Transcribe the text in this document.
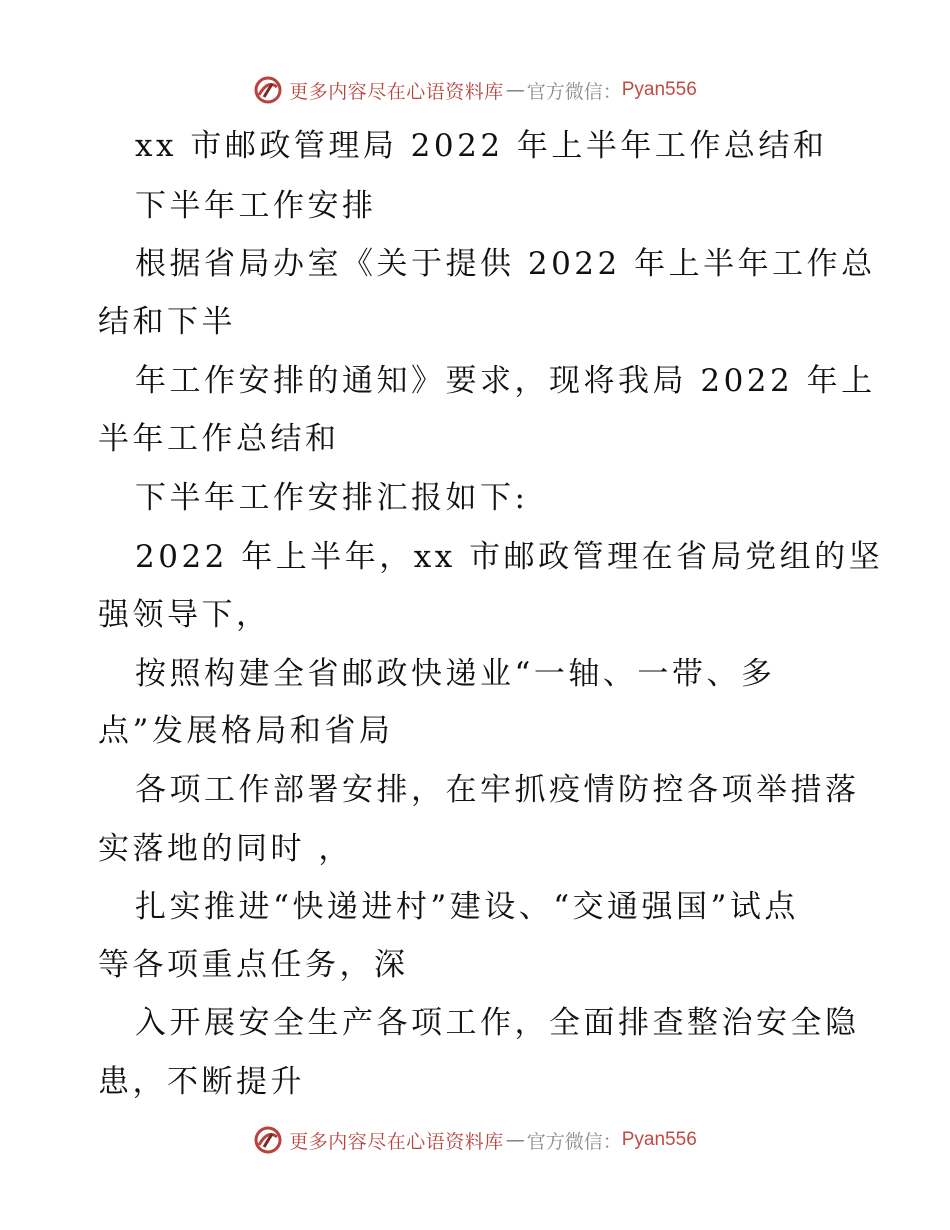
更多内容尽在心语资料库 — 官方微信： Pyan556

xx 市邮政管理局 2022 年上半年工作总结和

下半年工作安排

根据省局办室《关于提供 2022 年上半年工作总

结和下半

年工作安排的通知》要求，现将我局 2022 年上

半年工作总结和

下半年工作安排汇报如下:

2022 年上半年，xx 市邮政管理在省局党组的坚

强领导下，

按照构建全省邮政快递业“一轴、一带、多

点”发展格局和省局

各项工作部署安排，在牢抓疫情防控各项举措落

实落地的同时 ，

扎实推进“快递进村”建设、“交通强国”试点

等各项重点任务，深

入开展安全生产各项工作，全面排查整治安全隐

患，不断提升

更多内容尽在心语资料库 — 官方微信： Pyan556
